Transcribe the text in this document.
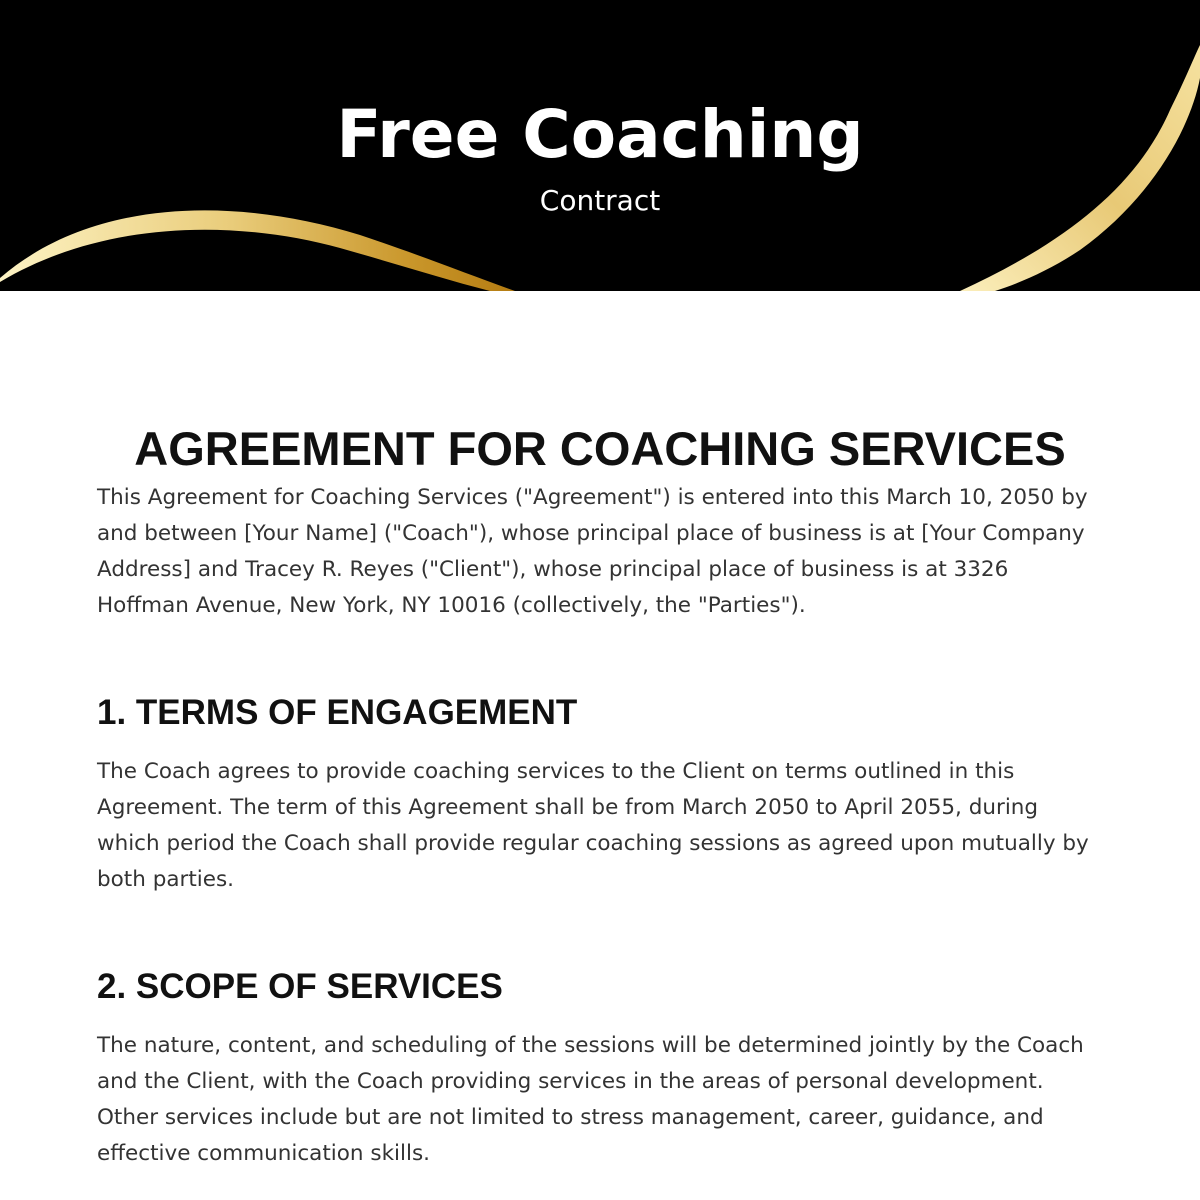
Free Coaching
Contract
AGREEMENT FOR COACHING SERVICES

This Agreement for Coaching Services ("Agreement") is entered into this March 10, 2050 by and between [Your Name] ("Coach"), whose principal place of business is at [Your Company Address] and Tracey R. Reyes ("Client"), whose principal place of business is at 3326 Hoffman Avenue, New York, NY 10016 (collectively, the "Parties").

1. TERMS OF ENGAGEMENT

The Coach agrees to provide coaching services to the Client on terms outlined in this Agreement. The term of this Agreement shall be from March 2050 to April 2055, during which period the Coach shall provide regular coaching sessions as agreed upon mutually by both parties.

2. SCOPE OF SERVICES

The nature, content, and scheduling of the sessions will be determined jointly by the Coach and the Client, with the Coach providing services in the areas of personal development. Other services include but are not limited to stress management, career, guidance, and effective communication skills.
